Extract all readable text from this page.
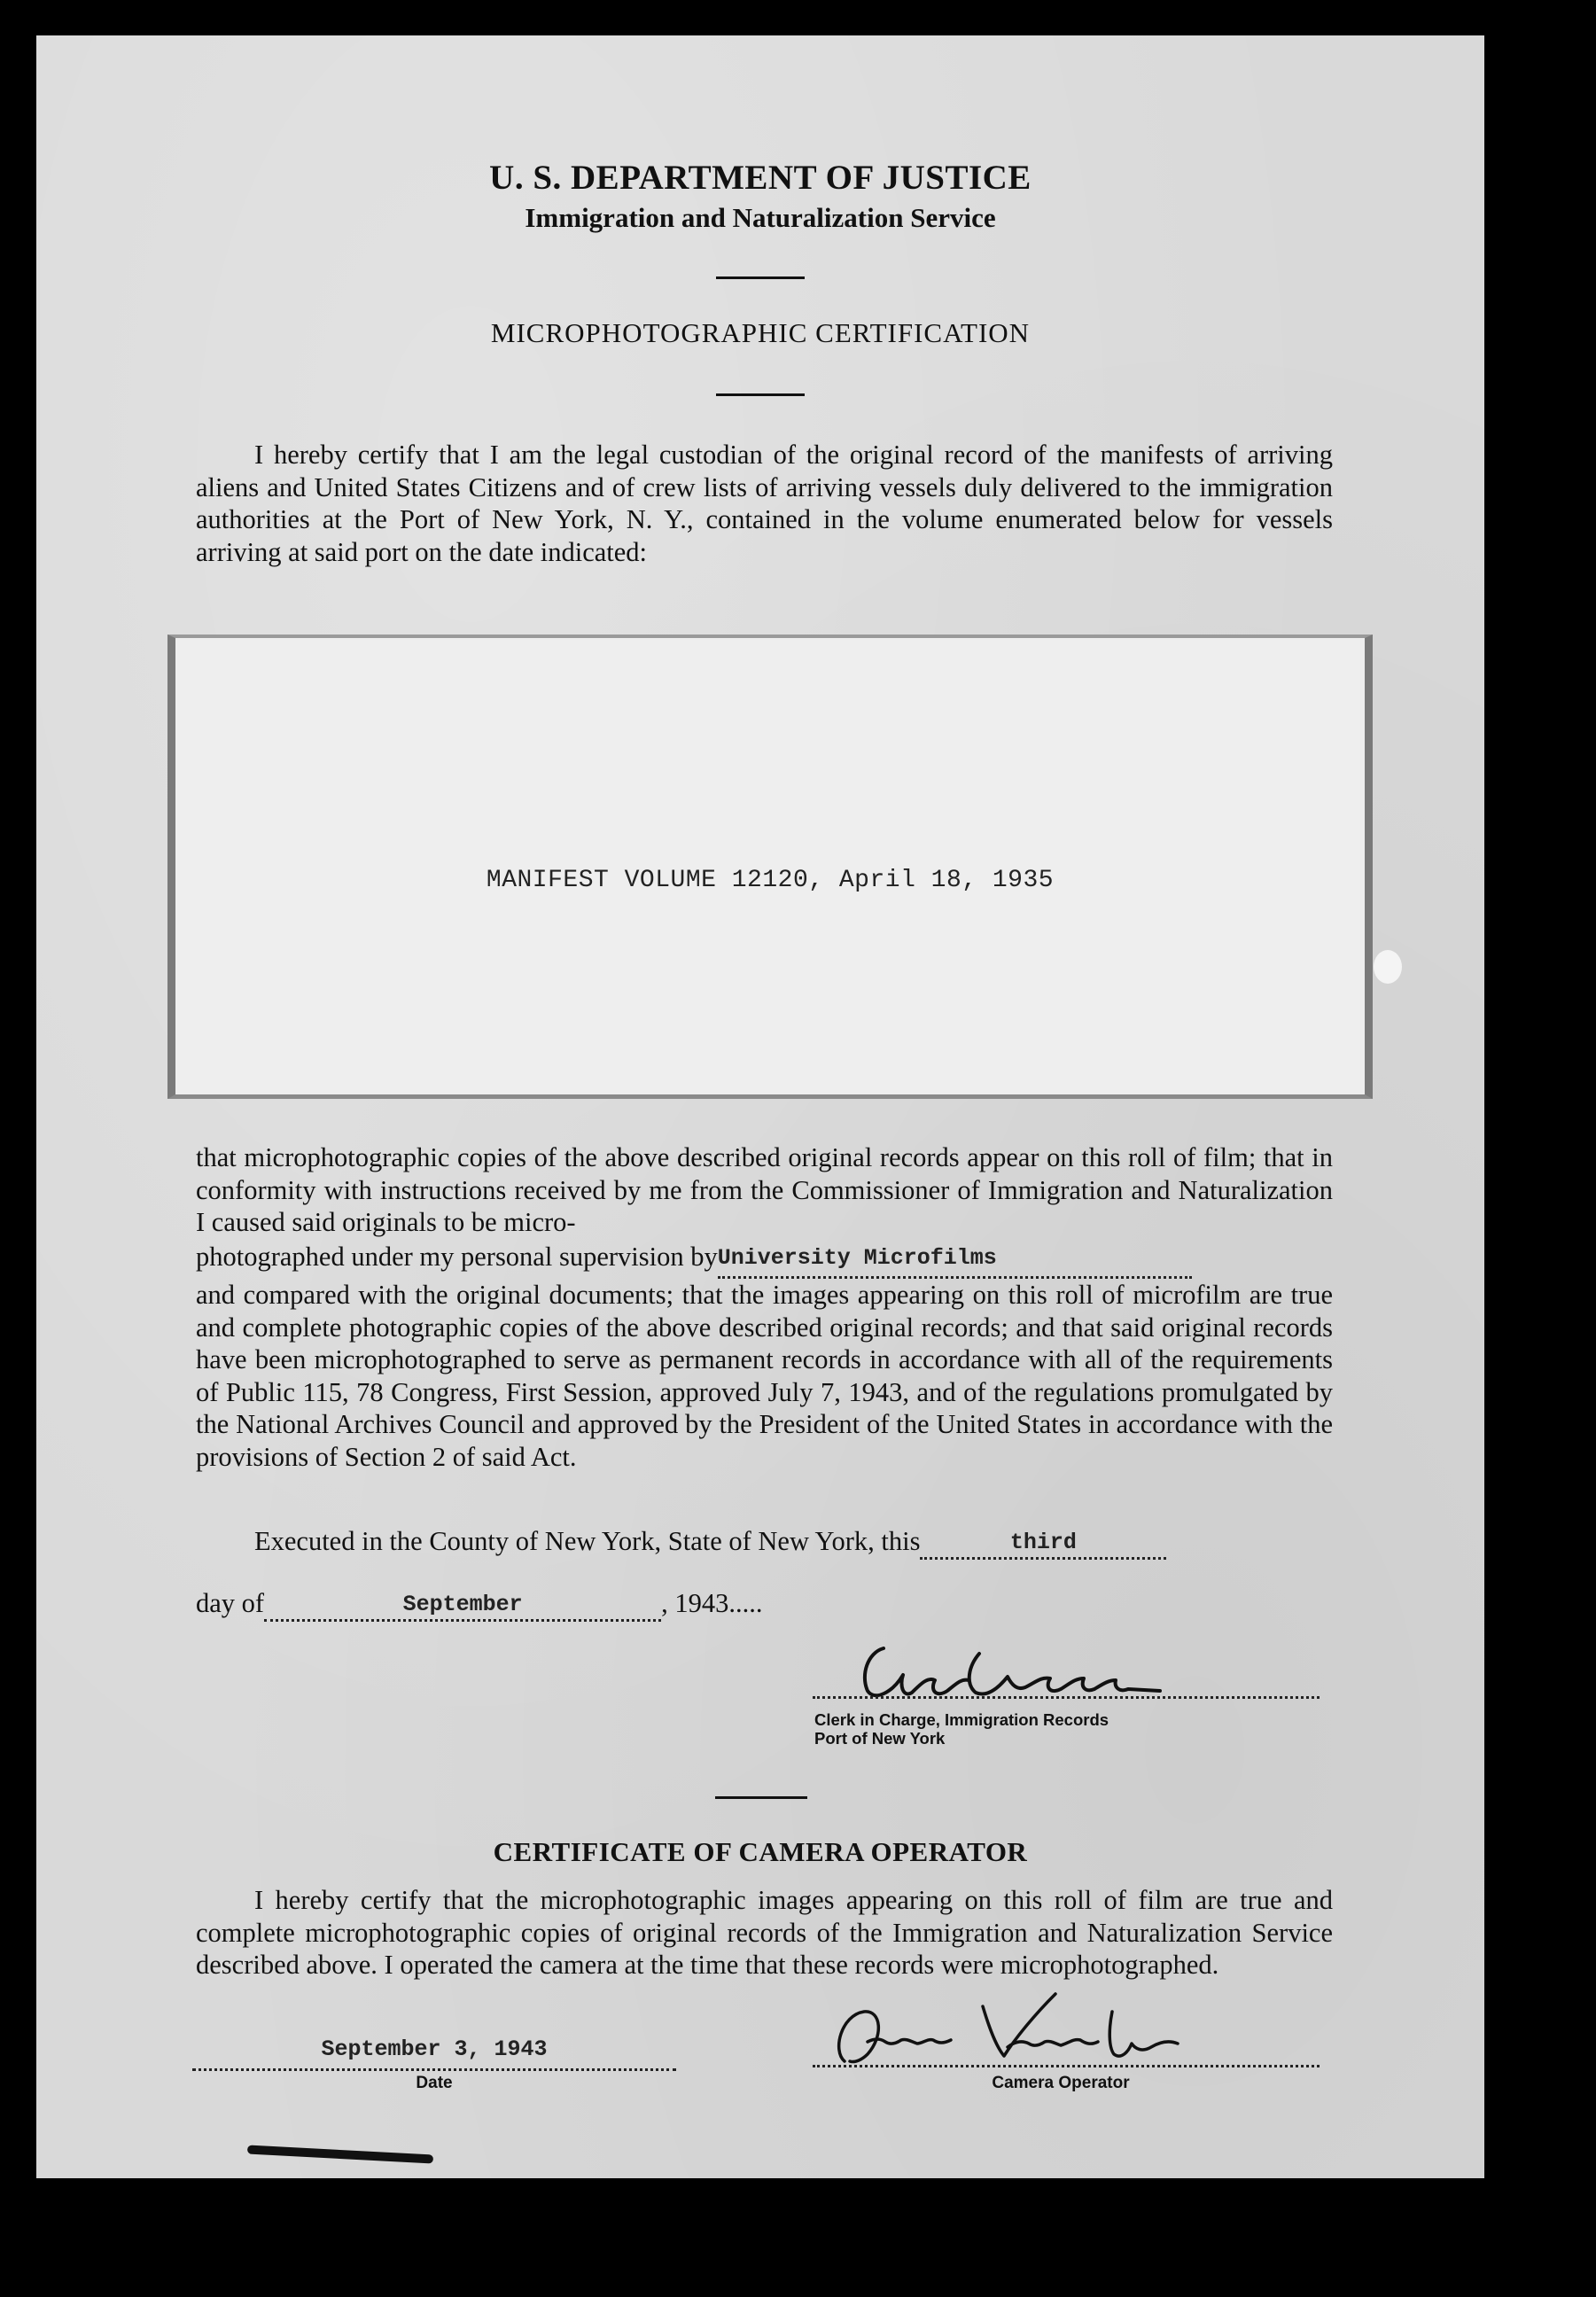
U. S. DEPARTMENT OF JUSTICE
Immigration and Naturalization Service
MICROPHOTOGRAPHIC CERTIFICATION

I hereby certify that I am the legal custodian of the original record of the manifests of arriving aliens and United States Citizens and of crew lists of arriving vessels duly delivered to the immigration authorities at the Port of New York, N. Y., contained in the volume enumerated below for vessels arriving at said port on the date indicated:

MANIFEST VOLUME 12120, April 18, 1935
that microphotographic copies of the above described original records appear on this roll of film; that in conformity with instructions received by me from the Commissioner of Immigration and Naturalization I caused said originals to be micro-
photographed under my personal supervision byUniversity Microfilms
and compared with the original documents; that the images appearing on this roll of microfilm are true and complete photographic copies of the above described original records; and that said original records have been microphotographed to serve as permanent records in accordance with all of the requirements of Public 115, 78 Congress, First Session, approved July 7, 1943, and of the regulations promulgated by the National Archives Council and approved by the President of the United States in accordance with the provisions of Section 2 of said Act.
Executed in the County of New York, State of New York, this	third
day of	September	, 1943.....
Clerk in Charge, Immigration Records
Port of New York
CERTIFICATE OF CAMERA OPERATOR

I hereby certify that the microphotographic images appearing on this roll of film are true and complete microphotographic copies of original records of the Immigration and Naturalization Service described above. I operated the camera at the time that these records were microphotographed.

September 3, 1943
Date	Camera Operator
